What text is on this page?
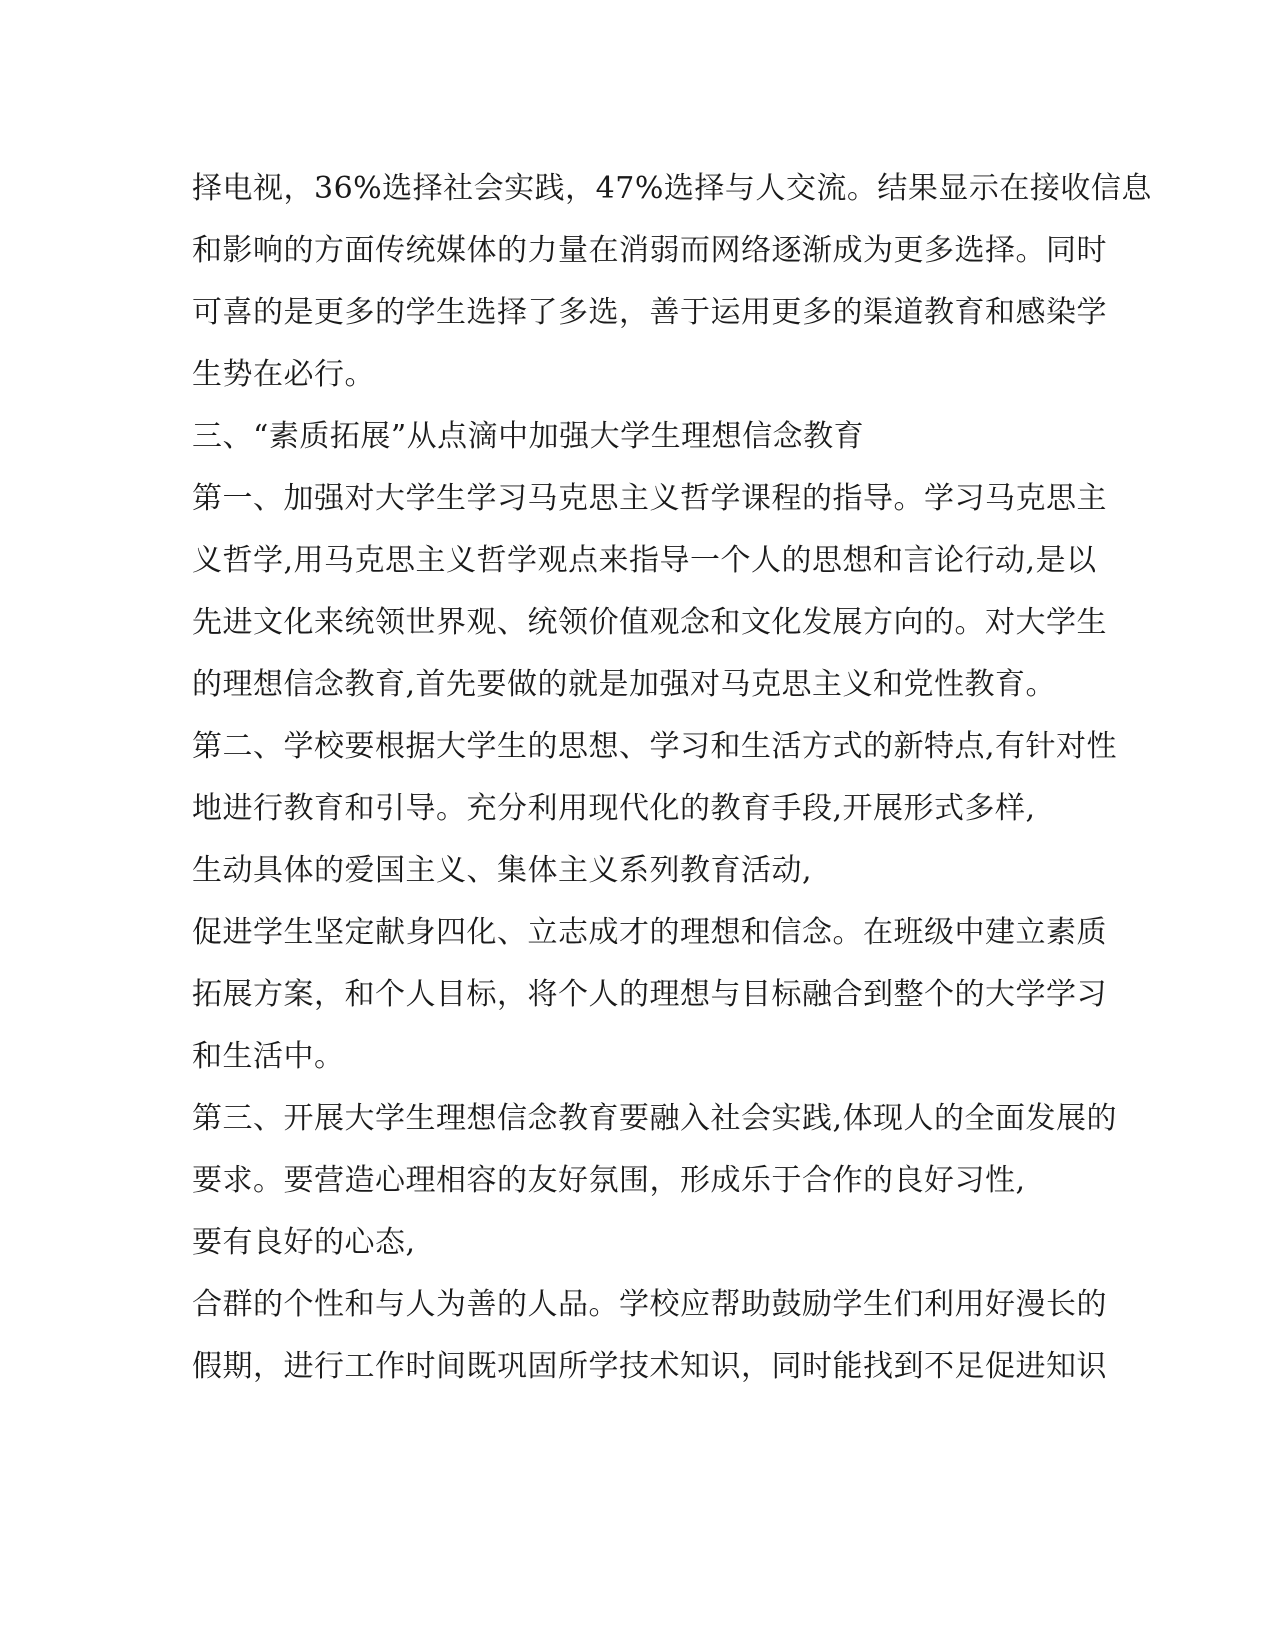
择电视，36%选择社会实践，47%选择与人交流。结果显示在接收信息
和影响的方面传统媒体的力量在消弱而网络逐渐成为更多选择。同时
可喜的是更多的学生选择了多选，善于运用更多的渠道教育和感染学
生势在必行。
三、“素质拓展”从点滴中加强大学生理想信念教育
第一、加强对大学生学习马克思主义哲学课程的指导。学习马克思主
义哲学,用马克思主义哲学观点来指导一个人的思想和言论行动,是以
先进文化来统领世界观、统领价值观念和文化发展方向的。对大学生
的理想信念教育,首先要做的就是加强对马克思主义和党性教育。
第二、学校要根据大学生的思想、学习和生活方式的新特点,有针对性
地进行教育和引导。充分利用现代化的教育手段,开展形式多样,
生动具体的爱国主义、集体主义系列教育活动,
促进学生坚定献身四化、立志成才的理想和信念。在班级中建立素质
拓展方案，和个人目标，将个人的理想与目标融合到整个的大学学习
和生活中。
第三、开展大学生理想信念教育要融入社会实践,体现人的全面发展的
要求。要营造心理相容的友好氛围，形成乐于合作的良好习性,
要有良好的心态,
合群的个性和与人为善的人品。学校应帮助鼓励学生们利用好漫长的
假期，进行工作时间既巩固所学技术知识，同时能找到不足促进知识
